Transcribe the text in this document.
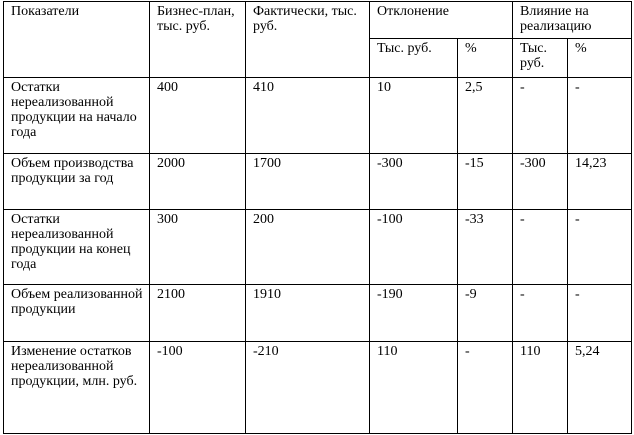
Показатели	Бизнес-план, тыс. руб.	Фактически, тыс. руб.	Отклонение		Влияние на реализацию	
			Тыс. руб.	%	Тыс. руб.	%
Остатки нереализованной продукции на начало года	400	410	10	2,5	-	-
Объем производства продукции за год	2000	1700	-300	-15	-300	14,23
Остатки нереализованной продукции на конец года	300	200	-100	-33	-	-
Объем реализованной продукции	2100	1910	-190	-9	-	-
Изменение остатков нереализованной продукции, млн. руб.	-100	-210	110	-	110	5,24
